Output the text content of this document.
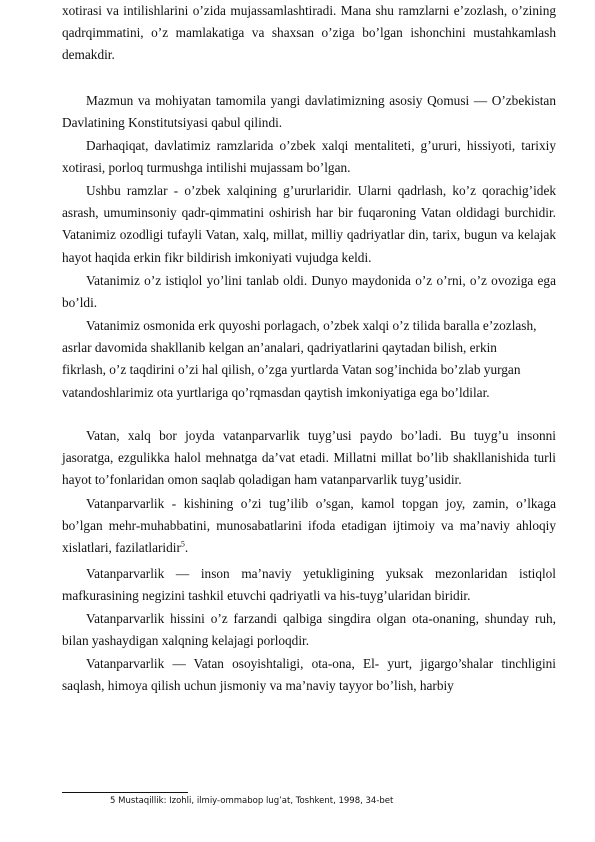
xotirasi va intilishlarini o’zida mujassamlashtiradi. Mana shu ramzlarni e’zozlash, o’zining qadrqimmatini, o’z mamlakatiga va shaxsan o’ziga bo’lgan ishonchini mustahkamlash demakdir.

Mazmun va mohiyatan tamomila yangi davlatimizning asosiy Qomusi — O’zbekistan Davlatining Konstitutsiyasi qabul qilindi.

Darhaqiqat, davlatimiz ramzlarida o’zbek xalqi mentaliteti, g’ururi, hissiyoti, tarixiy xotirasi, porloq turmushga intilishi mujassam bo’lgan.

Ushbu ramzlar - o’zbek xalqining g’ururlaridir. Ularni qadrlash, ko’z qorachig’idek asrash, umuminsoniy qadr-qimmatini oshirish har bir fuqaroning Vatan oldidagi burchidir. Vatanimiz ozodligi tufayli Vatan, xalq, millat, milliy qadriyatlar din, tarix, bugun va kelajak hayot haqida erkin fikr bildirish imkoniyati vujudga keldi.

Vatanimiz o’z istiqlol yo’lini tanlab oldi. Dunyo maydonida o’z o’rni, o’z ovoziga ega bo’ldi.

Vatanimiz osmonida erk quyoshi porlagach, o’zbek xalqi o’z tilida baralla e’zozlash, asrlar davomida shakllanib kelgan an’analari, qadriyatlarini qaytadan bilish, erkin fikrlash, o’z taqdirini o’zi hal qilish, o’zga yurtlarda Vatan sog’inchida bo’zlab yurgan vatandoshlarimiz ota yurtlariga qo’rqmasdan qaytish imkoniyatiga ega bo’ldilar.

Vatan, xalq bor joyda vatanparvarlik tuyg’usi paydo bo’ladi. Bu tuyg’u insonni jasoratga, ezgulikka halol mehnatga da’vat etadi. Millatni millat bo’lib shakllanishida turli hayot to’fonlaridan omon saqlab qoladigan ham vatanparvarlik tuyg’usidir.

Vatanparvarlik - kishining o’zi tug’ilib o’sgan, kamol topgan joy, zamin, o’lkaga bo’lgan mehr-muhabbatini, munosabatlarini ifoda etadigan ijtimoiy va ma’naviy ahloqiy xislatlari, fazilatlaridir$^5$.

Vatanparvarlik — inson ma’naviy yetukligining yuksak mezonlaridan istiqlol mafkurasining negizini tashkil etuvchi qadriyatli va his-tuyg’ulаridan biridir.

Vatanparvarlik hissini o’z farzandi qalbiga singdira olgan ota-onaning, shunday ruh, bilan yashaydigan xalqning kelajagi porloqdir.

Vatanparvarlik — Vatan osoyishtaligi, ota-ona, El- yurt, jigargo’shalar tinchligini saqlash, himoya qilish uchun jismoniy va ma’naviy tayyor bo’lish, harbiy

5 Mustaqillik: Izohli, ilmiy-ommabop lug’at, Toshkent, 1998, 34-bet
